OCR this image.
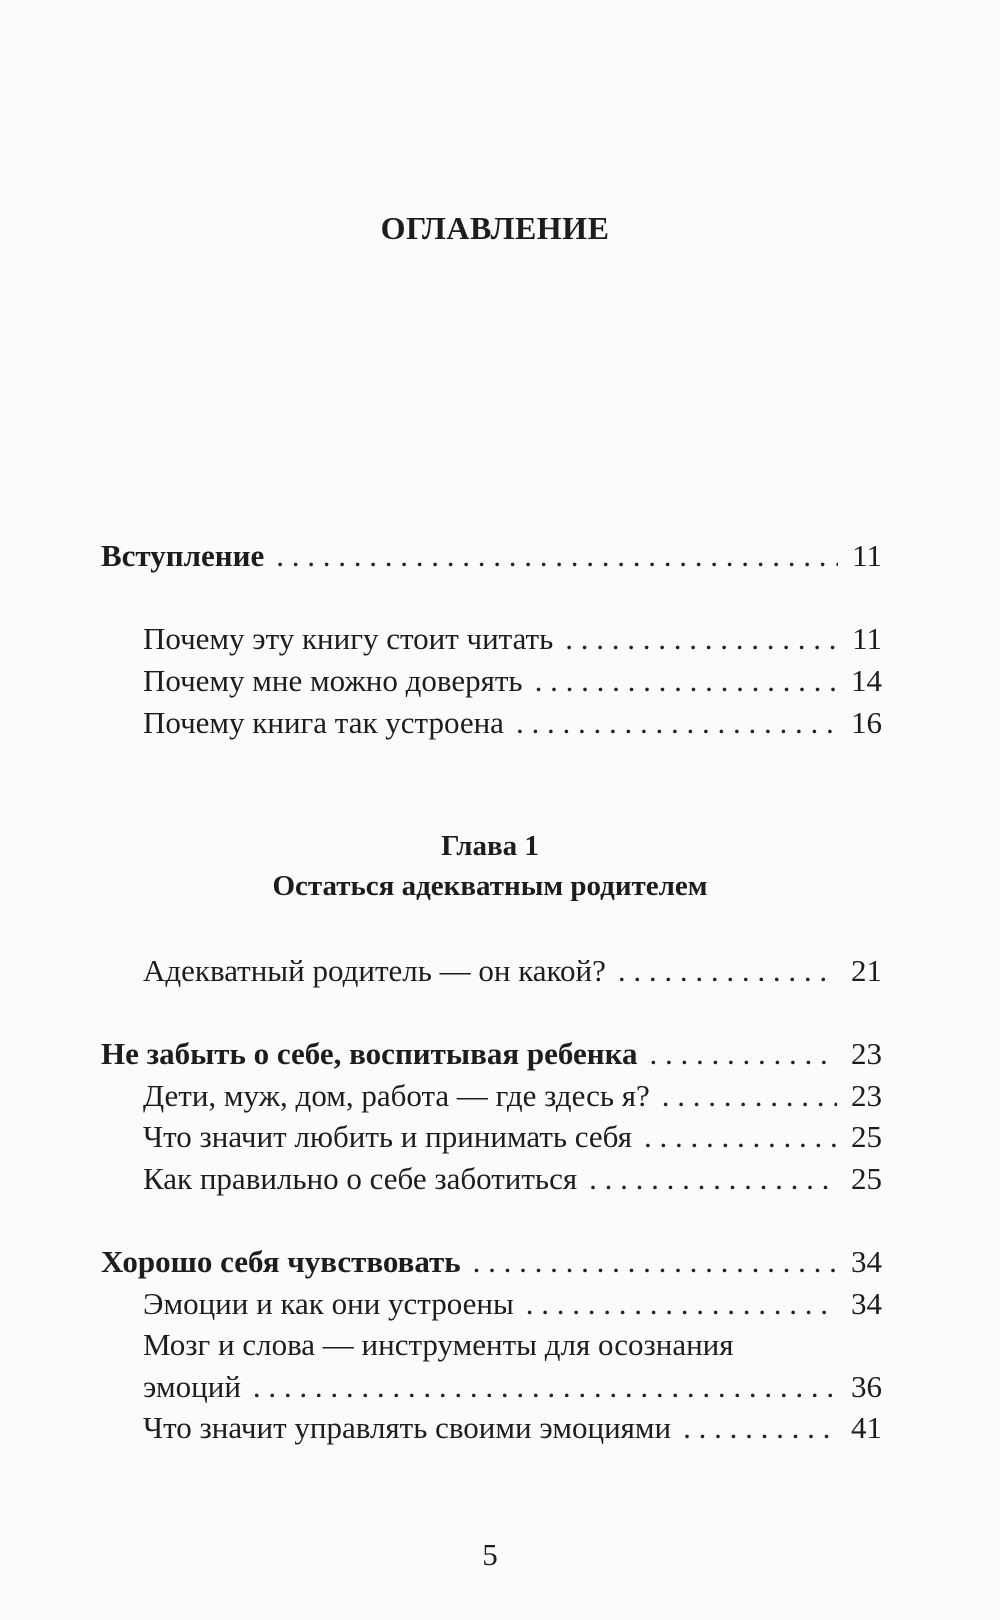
ОГЛАВЛЕНИЕ
Вступление . . .	11
Почему эту книгу стоит читать . . .	11
Почему мне можно доверять . . .	14
Почему книга так устроена . . .	16
Глава 1
Остаться адекватным родителем
Адекватный родитель — он какой? . . .	21
Не забыть о себе, воспитывая ребенка . . .	23
Дети, муж, дом, работа — где здесь я? . . .	23
Что значит любить и принимать себя . . .	25
Как правильно о себе заботиться . . .	25
Хорошо себя чувствовать . . .	34
Эмоции и как они устроены . . .	34
Мозг и слова — инструменты для осознания
эмоций . . .	36
Что значит управлять своими эмоциями . . .	41
5
